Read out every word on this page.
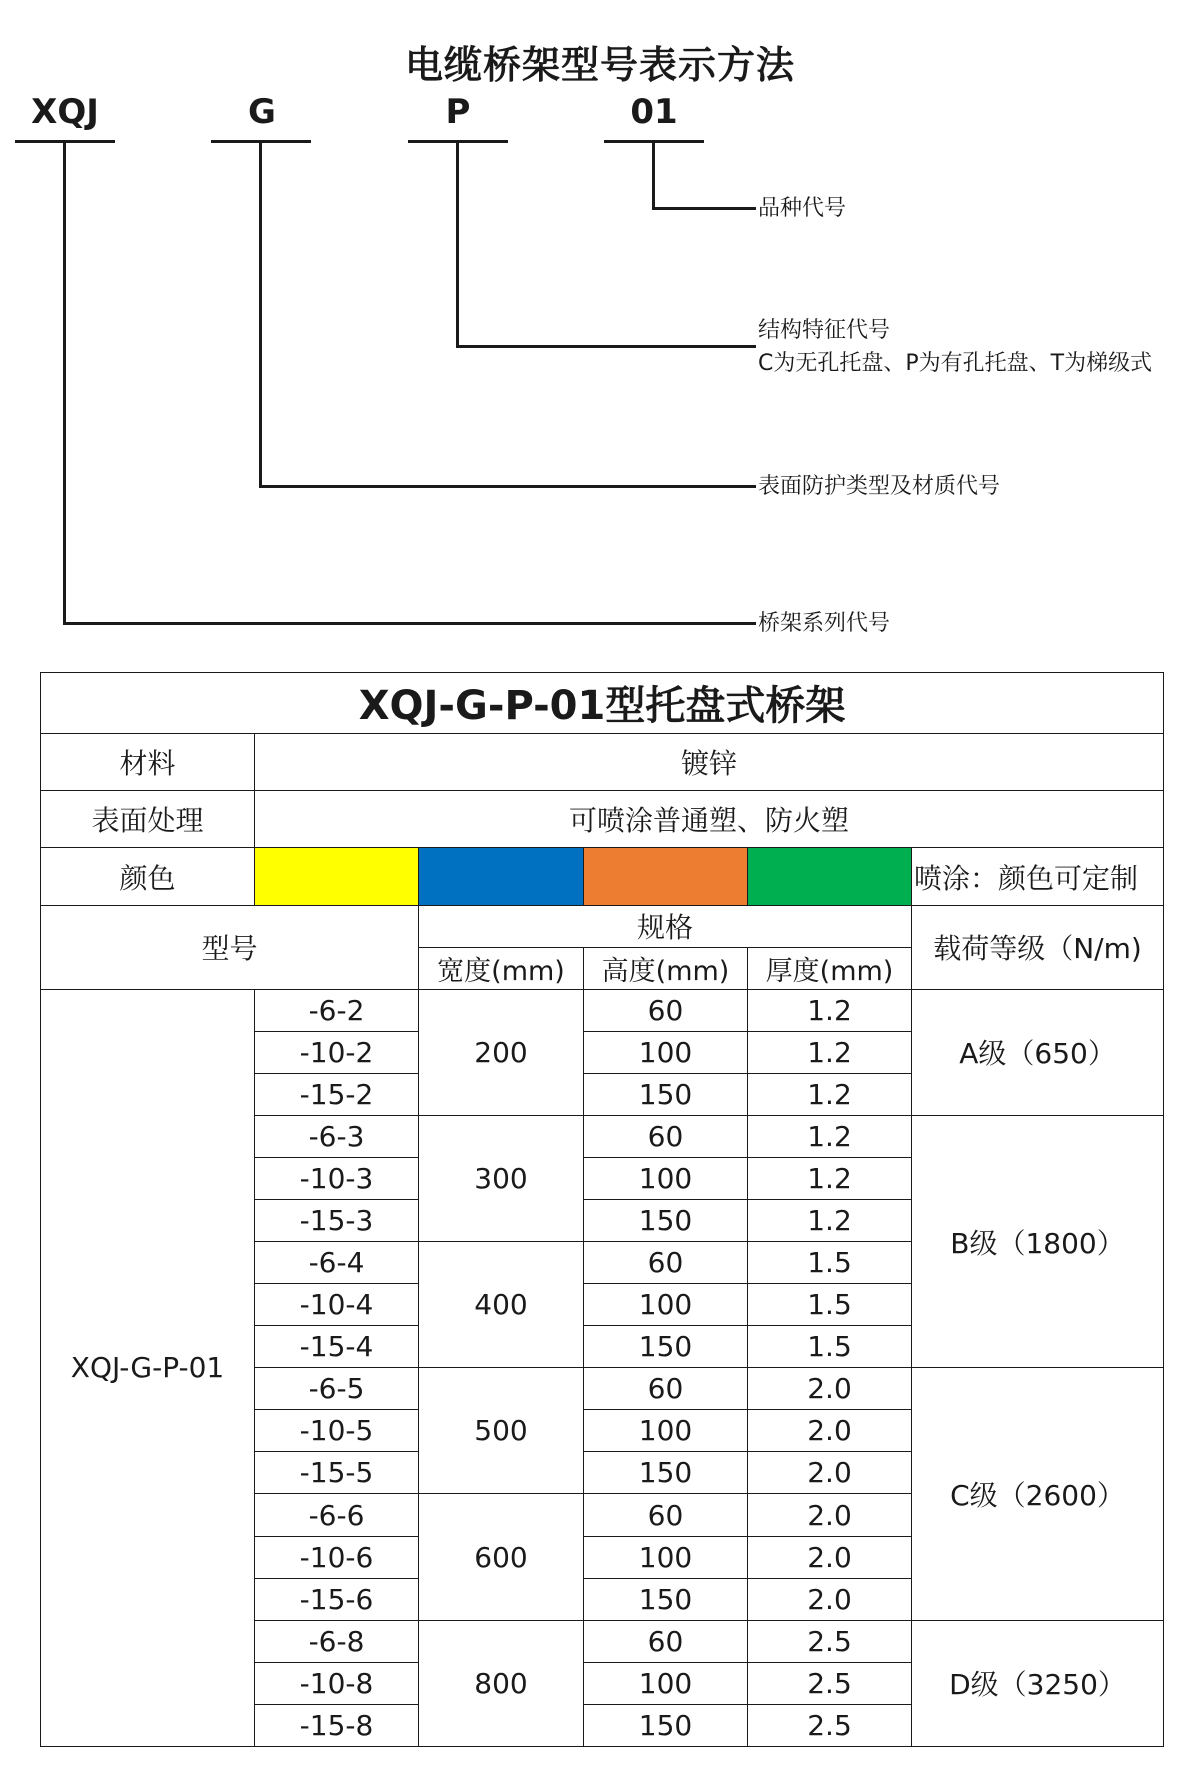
电缆桥架型号表示方法
XQJ	G	P	01
品种代号
结构特征代号
C为无孔托盘、P为有孔托盘、T为梯级式
表面防护类型及材质代号
桥架系列代号
XQJ-G-P-01型托盘式桥架					
材料	镀锌				
表面处理	可喷涂普通塑、防火塑				
颜色					喷涂：颜色可定制
型号		规格			载荷等级（N/m)
		宽度(mm)	高度(mm)	厚度(mm)	
XQJ-G-P-01	-6-2	200	60	1.2	A级（650）
	-10-2		100	1.2	
	-15-2		150	1.2	
	-6-3	300	60	1.2	B级（1800）
	-10-3		100	1.2	
	-15-3		150	1.2	
	-6-4	400	60	1.5	
	-10-4		100	1.5	
	-15-4		150	1.5	
	-6-5	500	60	2.0	C级（2600）
	-10-5		100	2.0	
	-15-5		150	2.0	
	-6-6	600	60	2.0	
	-10-6		100	2.0	
	-15-6		150	2.0	
	-6-8	800	60	2.5	D级（3250）
	-10-8		100	2.5	
	-15-8		150	2.5	
